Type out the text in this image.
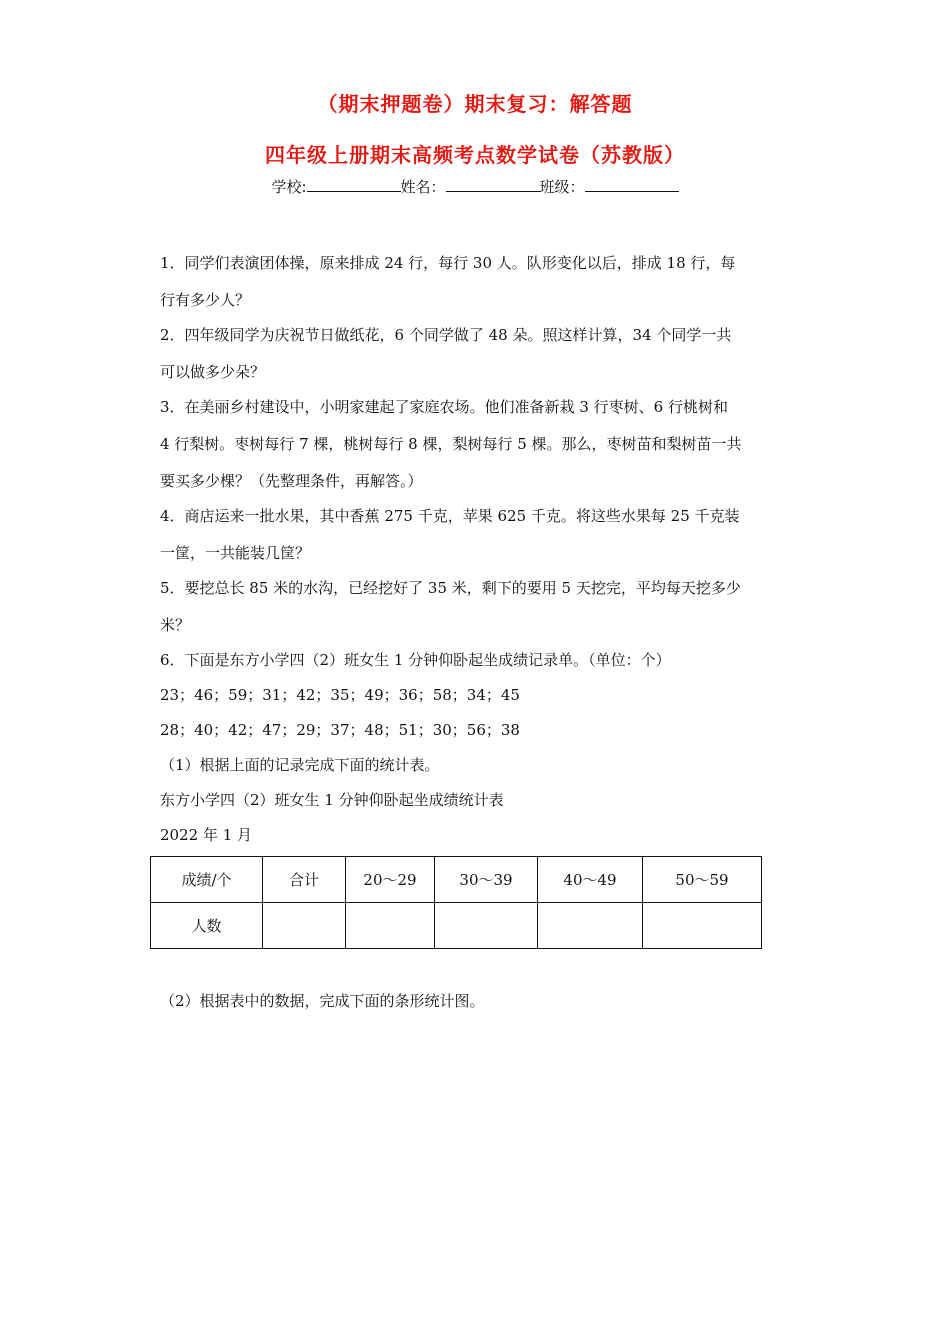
（期末押题卷）期末复习：解答题
四年级上册期末高频考点数学试卷（苏教版）
学校:	姓名：	班级：
1．同学们表演团体操，原来排成 24 行，每行 30 人。队形变化以后，排成 18 行，每
行有多少人？
2．四年级同学为庆祝节日做纸花，6 个同学做了 48 朵。照这样计算，34 个同学一共
可以做多少朵？
3．在美丽乡村建设中，小明家建起了家庭农场。他们准备新栽 3 行枣树、6 行桃树和
4 行梨树。枣树每行 7 棵，桃树每行 8 棵，梨树每行 5 棵。那么，枣树苗和梨树苗一共
要买多少棵？（先整理条件，再解答。）
4．商店运来一批水果，其中香蕉 275 千克，苹果 625 千克。将这些水果每 25 千克装
一筐，一共能装几筐？
5．要挖总长 85 米的水沟，已经挖好了 35 米，剩下的要用 5 天挖完，平均每天挖多少
米？
6．下面是东方小学四（2）班女生 1 分钟仰卧起坐成绩记录单。（单位：个）
23；46；59；31；42；35；49；36；58；34；45
28；40；42；47；29；37；48；51；30；56；38
（1）根据上面的记录完成下面的统计表。
东方小学四（2）班女生 1 分钟仰卧起坐成绩统计表
2022 年 1 月
成绩/个	合计	20～29	30～39	40～49	50～59
人数					
（2）根据表中的数据，完成下面的条形统计图。
